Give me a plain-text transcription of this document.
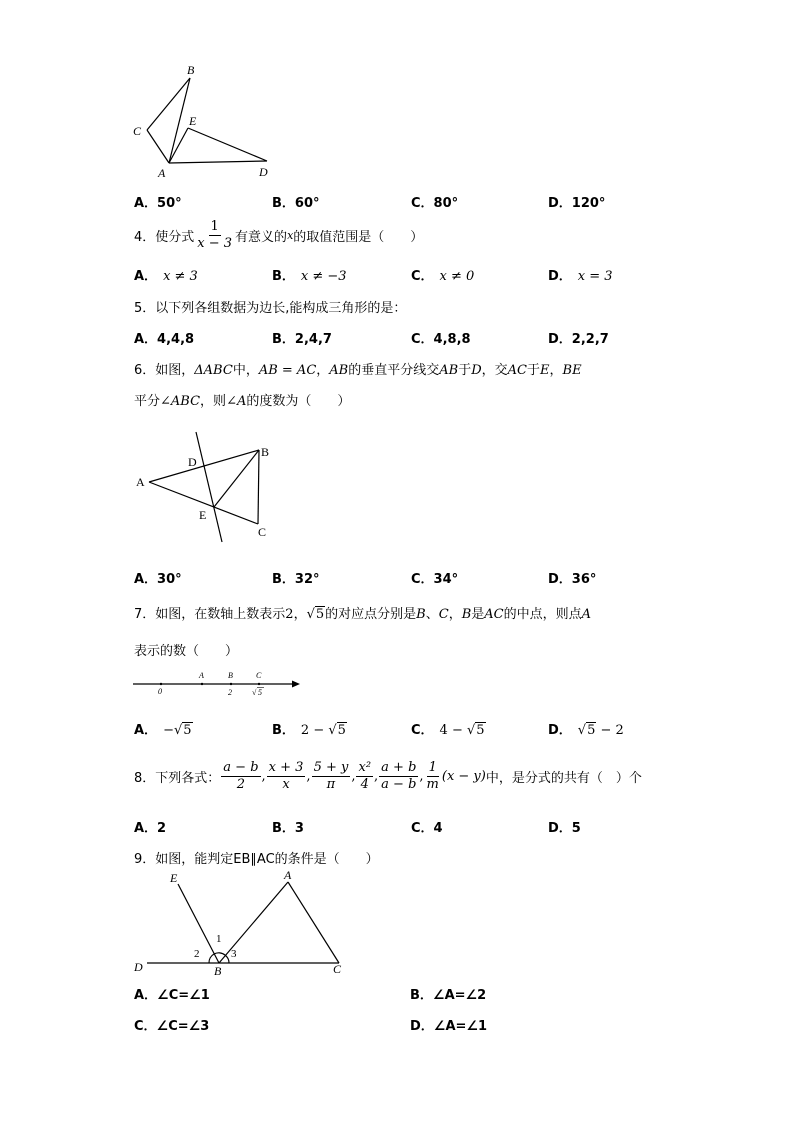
B
C
E
A	D
A．50°	B．60°	C．80°	D．120°
4．使分式 $\frac{1}{x - 3}$ 有意义的 x 的取值范围是（　　）
A． x ≠ 3	B． x ≠ −3	C． x ≠ 0	D． x = 3
5．以下列各组数据为边长,能构成三角形的是：
A．4,4,8	B．2,4,7	C．4,8,8	D．2,2,7
6．如图，ΔABC中，AB = AC，AB的垂直平分线交AB于D，交AC于E，BE
平分∠ABC，则∠A的度数为（　　）
A
B
C
D
E
A．30°	B．32°	C．34°	D．36°
7．如图，在数轴上数表示2，√5的对应点分别是B、C，B是AC的中点，则点A
表示的数（　　）
A	B	C
0	2	√ 5
A． −√5	B． 2 − √5	C． 4 − √5	D． √5 − 2
8．下列各式： $\frac{a - b}{2}$ , $\frac{x + 3}{x}$ , $\frac{5 + y}{\pi}$ , $\frac{\text{x²}}{4}$ , $\frac{a + b}{a - b}$ , $\frac{1}{m} (x - y)$ 中，是分式的共有（　）个
A．2	B．3	C．4	D．5
9．如图，能判定EB∥AC的条件是（　　）
E	A
D	B	C
1
2	3
A．∠C=∠1	B．∠A=∠2
C．∠C=∠3	D．∠A=∠1
